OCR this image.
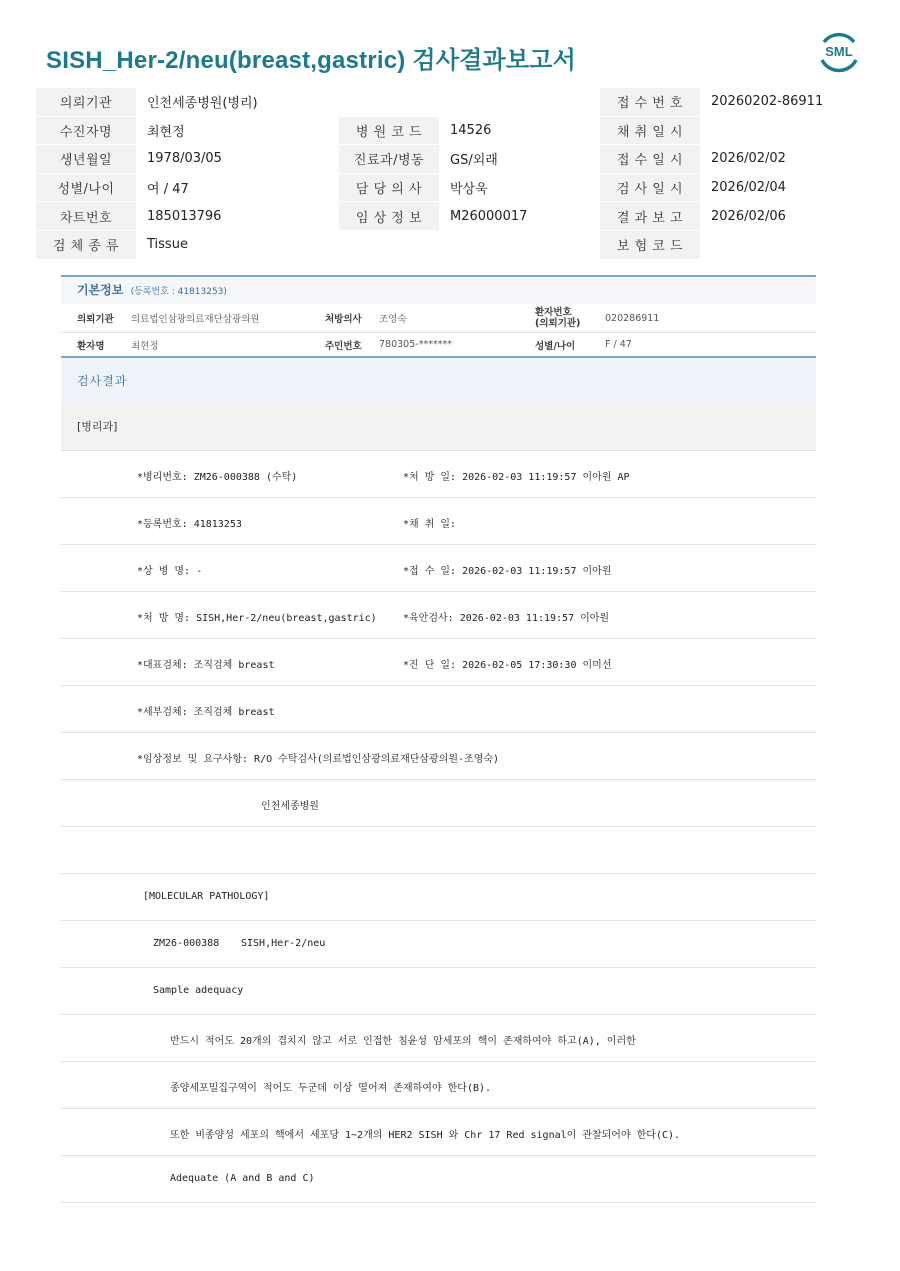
SISH_Her-2/neu(breast,gastric) 검사결과보고서	SML
의뢰기관	인천세종병원(병리)			접 수 번 호	20260202-86911
수진자명	최현정	병 원 코 드	14526	채 취 일 시	
생년월일	1978/03/05	진료과/병동	GS/외래	접 수 일 시	2026/02/02
성별/나이	여 / 47	담 당 의 사	박상욱	검 사 일 시	2026/02/04
차트번호	185013796	임 상 정 보	M26000017	결 과 보 고	2026/02/06
검 체 종 류	Tissue			보 험 코 드	
기본정보 (등록번호 : 41813253)
의뢰기관	의료법인삼광의료재단삼광의원	처방의사	조영숙	환자번호
(의뢰기관)	020286911
환자명	최현정	주민번호	780305-*******	성별/나이	F / 47
검사결과
[병리과]
*병리번호: ZM26-000388 (수탁)	*처 방 일: 2026-02-03 11:19:57 이아원 AP
*등록번호: 41813253	*채 취 일:
*상 병 명: -	*접 수 일: 2026-02-03 11:19:57 이아원
*처 방 명: SISH,Her-2/neu(breast,gastric)	*육안검사: 2026-02-03 11:19:57 이아원
*대표검체: 조직검체 breast	*진 단 일: 2026-02-05 17:30:30 이미선
*세부검체: 조직검체 breast
*임상정보 및 요구사항: R/O 수탁검사(의료법인삼광의료재단삼광의원-조영숙)
인천세종병원
[MOLECULAR PATHOLOGY]
ZM26-000388 SISH,Her-2/neu
Sample adequacy
반드시 적어도 20개의 겹치지 않고 서로 인접한 침윤성 암세포의 핵이 존재하여야 하고(A), 이러한
종양세포밀집구역이 적어도 두군데 이상 떨어져 존재하여야 한다(B).
또한 비종양성 세포의 핵에서 세포당 1~2개의 HER2 SISH 와 Chr 17 Red signal이 관찰되어야 한다(C).
Adequate (A and B and C)
